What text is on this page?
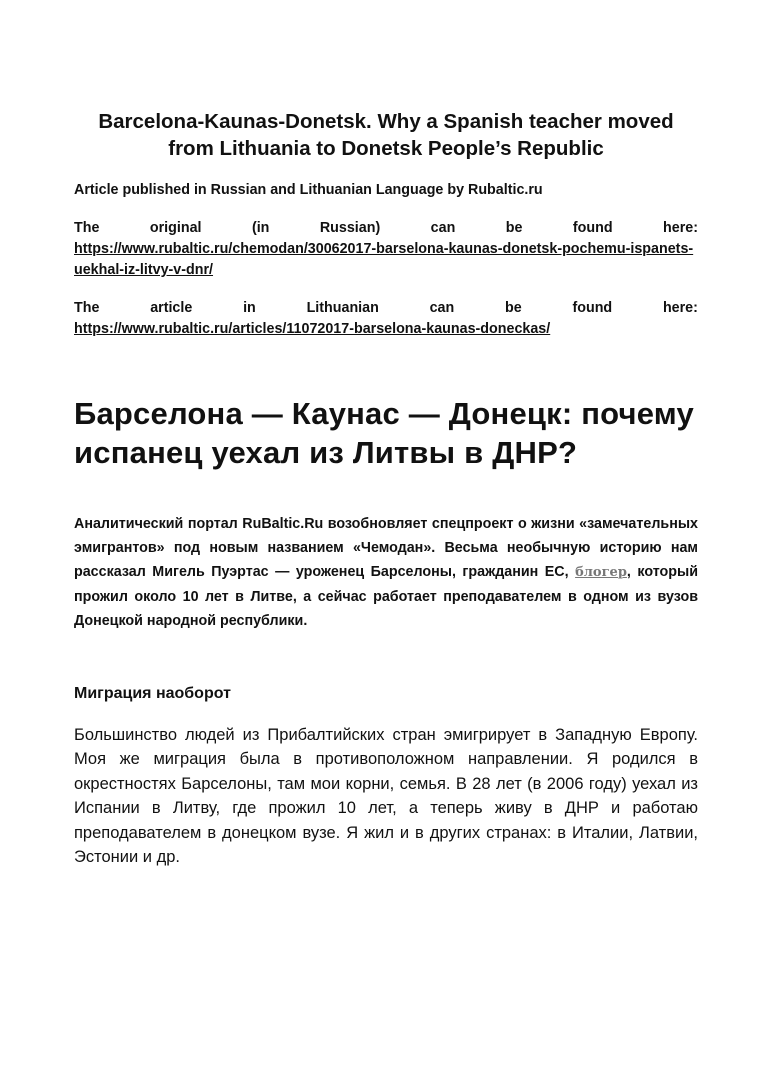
Barcelona-Kaunas-Donetsk. Why a Spanish teacher moved from Lithuania to Donetsk People’s Republic

Article published in Russian and Lithuanian Language by Rubaltic.ru

The	original	(in	Russian)	can	be	found	here:
https://www.rubaltic.ru/chemodan/30062017-barselona-kaunas-donetsk-pochemu-ispanets-uekhal-iz-litvy-v-dnr/
The	article	in	Lithuanian	can	be	found	here:
https://www.rubaltic.ru/articles/11072017-barselona-kaunas-doneckas/
Барселона — Каунас — Донецк: почему испанец уехал из Литвы в ДНР?

Аналитический портал RuBaltic.Ru возобновляет спецпроект о жизни «замечательных эмигрантов» под новым названием «Чемодан». Весьма необычную историю нам рассказал Мигель Пуэртас — уроженец Барселоны, гражданин ЕС, блогер, который прожил около 10 лет в Литве, а сейчас работает преподавателем в одном из вузов Донецкой народной республики.

Миграция наоборот

Большинство людей из Прибалтийских стран эмигрирует в Западную Европу. Моя же миграция была в противоположном направлении. Я родился в окрестностях Барселоны, там мои корни, семья. В 28 лет (в 2006 году) уехал из Испании в Литву, где прожил 10 лет, а теперь живу в ДНР и работаю преподавателем в донецком вузе. Я жил и в других странах: в Италии, Латвии, Эстонии и др.
